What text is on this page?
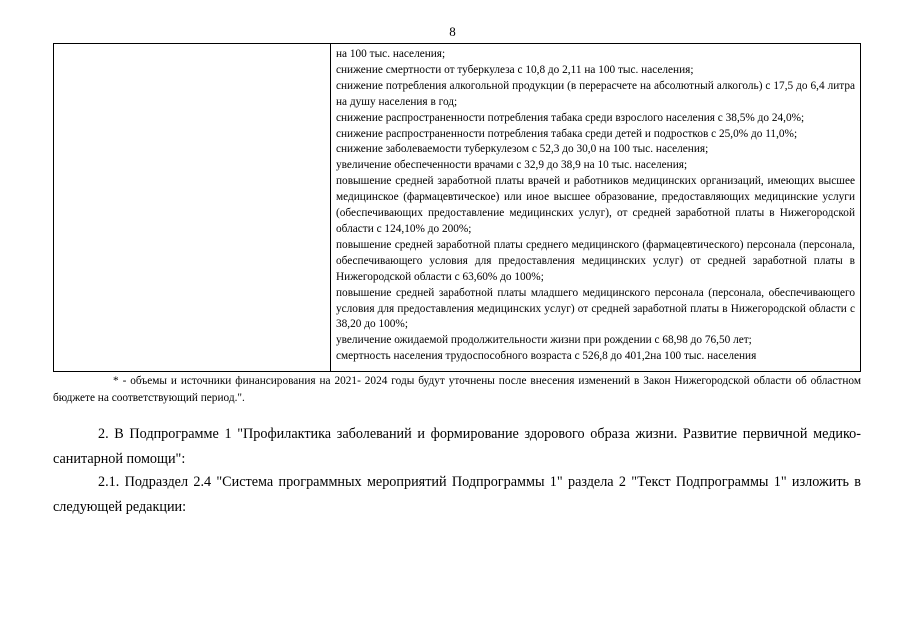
8

на 100 тыс. населения;

снижение смертности от туберкулеза с 10,8 до 2,11 на 100 тыс. населения;

снижение потребления алкогольной продукции (в перерасчете на абсолютный алкоголь) с 17,5 до 6,4 литра на душу населения в год;

снижение распространенности потребления табака среди взрослого населения с 38,5% до 24,0%;

снижение распространенности потребления табака среди детей и подростков с 25,0% до 11,0%;

снижение заболеваемости туберкулезом с 52,3 до 30,0 на 100 тыс. населения;

увеличение обеспеченности врачами с 32,9 до 38,9 на 10 тыс. населения;

повышение средней заработной платы врачей и работников медицинских организаций, имеющих высшее медицинское (фармацевтическое) или иное высшее образование, предоставляющих медицинские услуги (обеспечивающих предоставление медицинских услуг), от средней заработной платы в Нижегородской области с 124,10% до 200%;

повышение средней заработной платы среднего медицинского (фармацевтического) персонала (персонала, обеспечивающего условия для предоставления медицинских услуг) от средней заработной платы в Нижегородской области с 63,60% до 100%;

повышение средней заработной платы младшего медицинского персонала (персонала, обеспечивающего условия для предоставления медицинских услуг) от средней заработной платы в Нижегородской области с 38,20 до 100%;

увеличение ожидаемой продолжительности жизни при рождении с 68,98 до 76,50 лет;

смертность населения трудоспособного возраста с 526,8 до 401,2на 100 тыс. населения

* - объемы и источники финансирования на 2021- 2024 годы будут уточнены после внесения изменений в Закон Нижегородской области об областном бюджете на соответствующий период.".

2. В Подпрограмме 1 "Профилактика заболеваний и формирование здорового образа жизни. Развитие первичной медико-санитарной помощи":

2.1. Подраздел 2.4 "Система программных мероприятий Подпрограммы 1" раздела 2 "Текст Подпрограммы 1" изложить в следующей редакции:
